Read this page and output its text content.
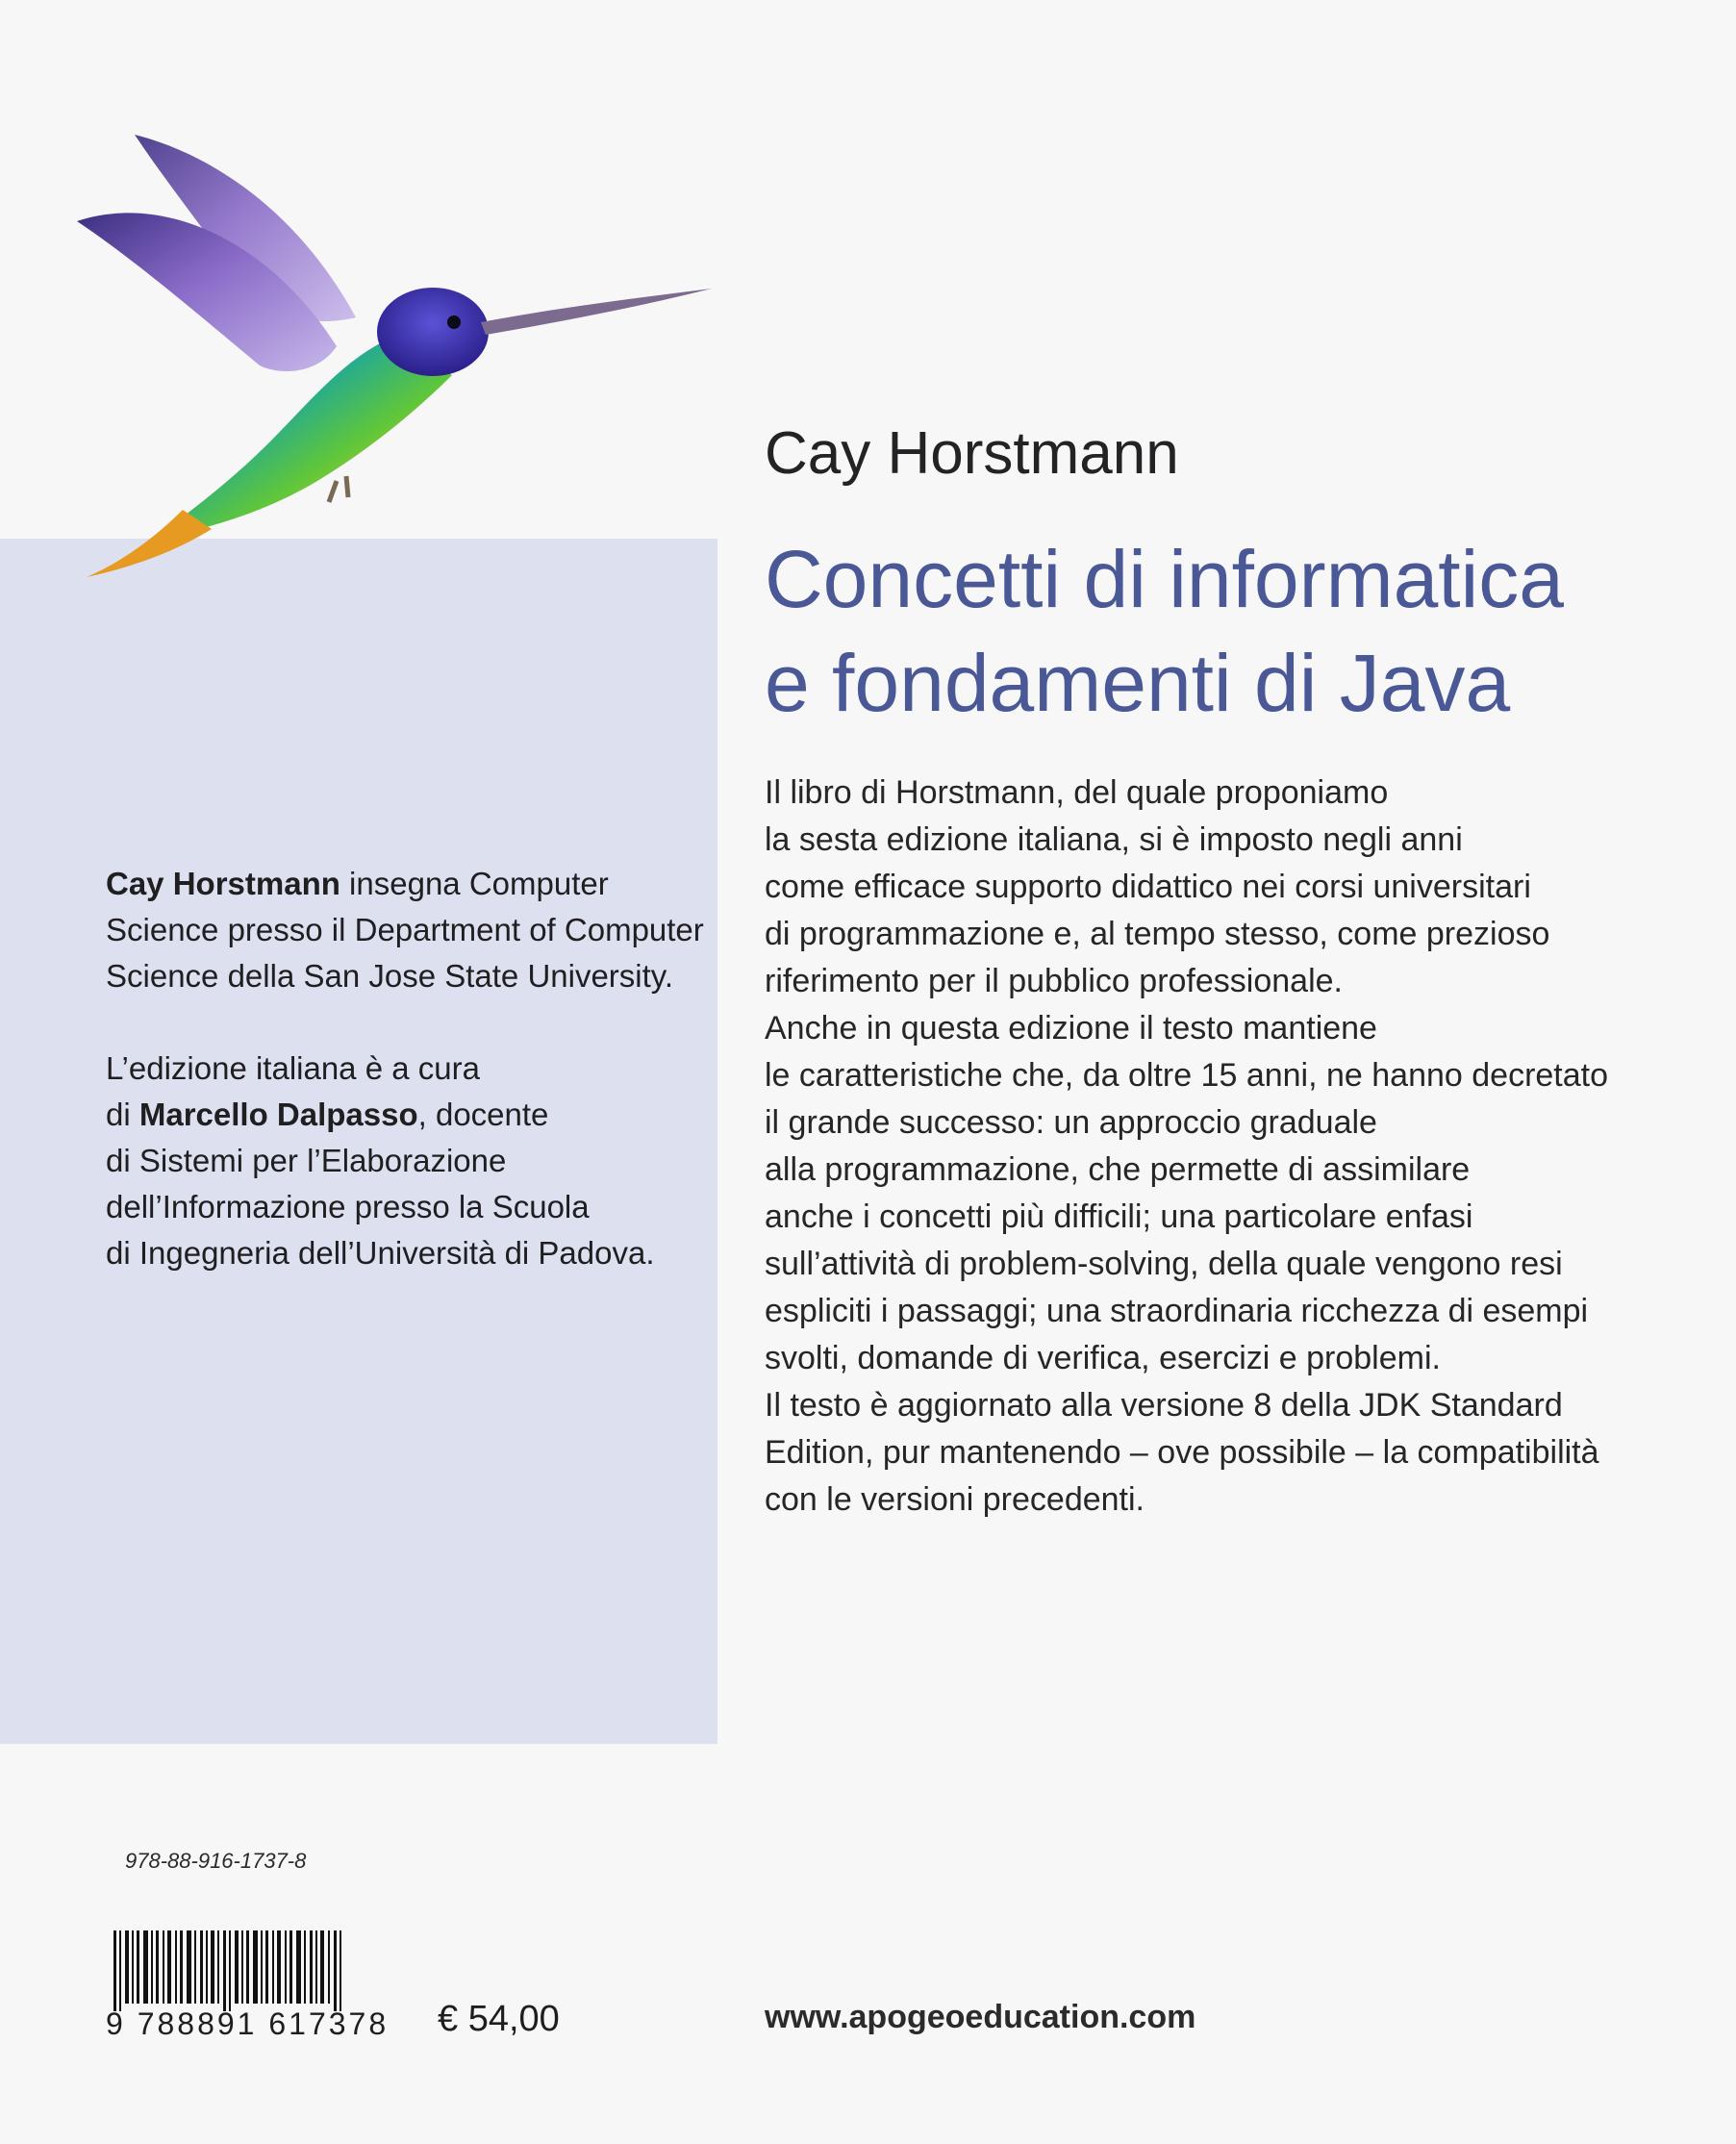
Cay Horstmann
Concetti di informatica
e fondamenti di Java
Il libro di Horstmann, del quale proponiamo
la sesta edizione italiana, si è imposto negli anni
come efficace supporto didattico nei corsi universitari
di programmazione e, al tempo stesso, come prezioso
riferimento per il pubblico professionale.
Anche in questa edizione il testo mantiene
le caratteristiche che, da oltre 15 anni, ne hanno decretato
il grande successo: un approccio graduale
alla programmazione, che permette di assimilare
anche i concetti più difficili; una particolare enfasi
sull’attività di problem-solving, della quale vengono resi
espliciti i passaggi; una straordinaria ricchezza di esempi
svolti, domande di verifica, esercizi e problemi.
Il testo è aggiornato alla versione 8 della JDK Standard
Edition, pur mantenendo – ove possibile – la compatibilità
con le versioni precedenti.
Cay Horstmann insegna Computer
Science presso il Department of Computer
Science della San Jose State University.
L’edizione italiana è a cura
di Marcello Dalpasso, docente
di Sistemi per l’Elaborazione
dell’Informazione presso la Scuola
di Ingegneria dell’Università di Padova.
978-88-916-1737-8
9 788891 617378 € 54,00	www.apogeoeducation.com
